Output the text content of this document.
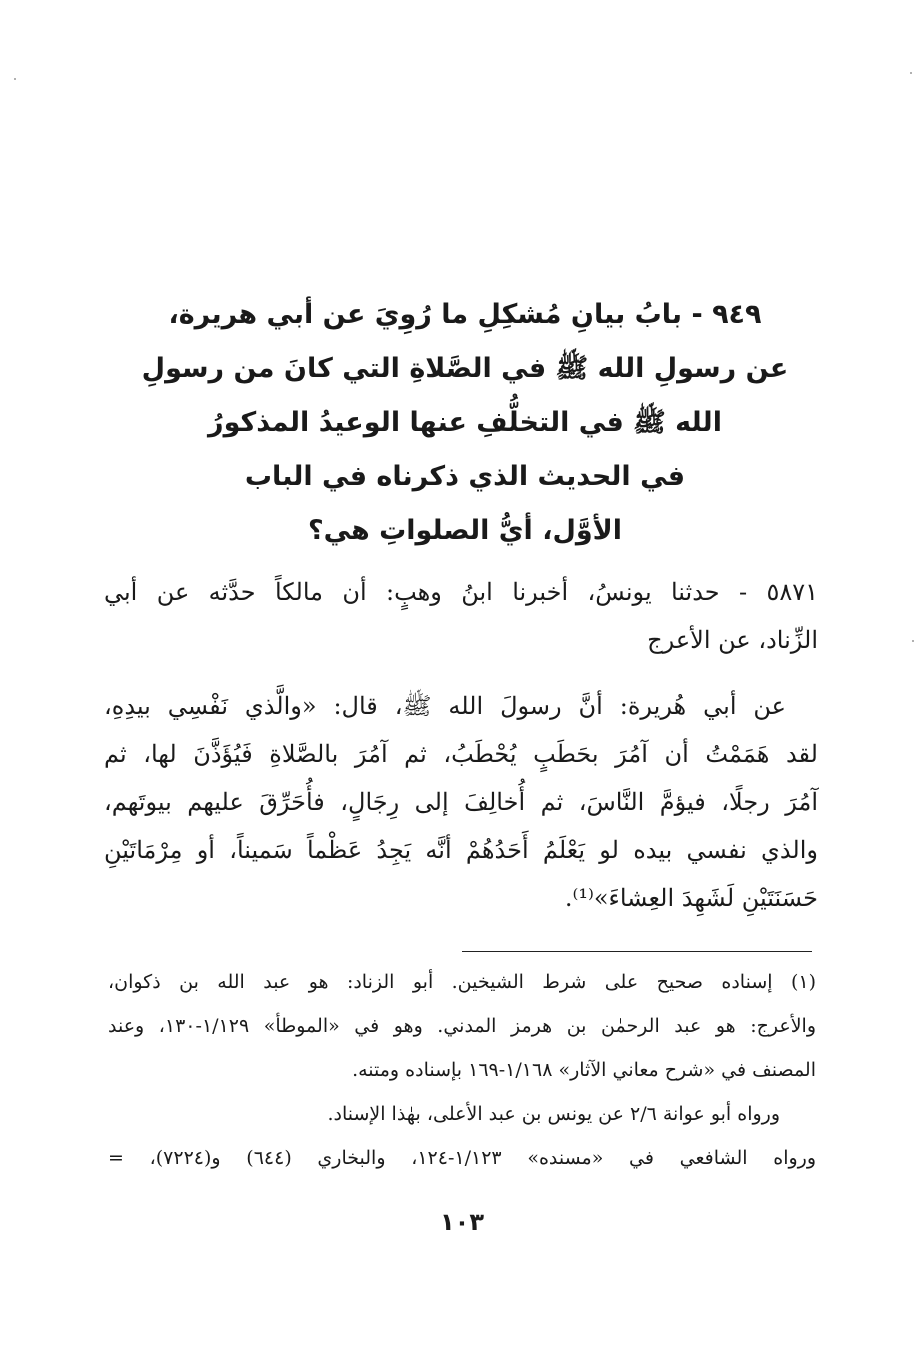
٩٤٩ - بابُ بيانِ مُشكِلِ ما رُوِيَ عن أبي هريرة،
عن رسولِ الله ﷺ في الصَّلاةِ التي كانَ من رسولِ
الله ﷺ في التخلُّفِ عنها الوعيدُ المذكورُ
في الحديث الذي ذكرناه في الباب
الأوَّل، أيُّ الصلواتِ هي؟
٥٨٧١ - حدثنا يونسُ، أخبرنا ابنُ وهبٍ: أن مالكاً حدَّثه عن أبي
الزِّناد، عن الأعرج
عن أبي هُريرة: أنَّ رسولَ الله ﷺ، قال: «والَّذي نَفْسِي بيدِهِ،
لقد هَمَمْتُ أن آمُرَ بحَطَبٍ يُحْطَبُ، ثم آمُرَ بالصَّلاةِ فَيُؤَذَّنَ لها، ثم
آمُرَ رجلًا، فيؤمَّ النَّاسَ، ثم أُخالِفَ إلى رِجَالٍ، فأُحَرِّقَ عليهم بيوتَهم،
والذي نفسي بيده لو يَعْلَمُ أَحَدُهُمْ أنَّه يَجِدُ عَظْماً سَميناً، أو مِرْمَاتَيْنِ
حَسَنَتَيْنِ لَشَهِدَ العِشاءَ»⁽¹⁾.
(١) إسناده صحيح على شرط الشيخين. أبو الزناد: هو عبد الله بن ذكوان،
والأعرج: هو عبد الرحمٰن بن هرمز المدني. وهو في «الموطأ» ١/١٢٩-١٣٠، وعند
المصنف في «شرح معاني الآثار» ١/١٦٨-١٦٩ بإسناده ومتنه.
ورواه أبو عوانة ٢/٦ عن يونس بن عبد الأعلى، بهٰذا الإسناد.
ورواه الشافعي في «مسنده» ١/١٢٣-١٢٤، والبخاري (٦٤٤) و(٧٢٢٤)، =
١٠٣
